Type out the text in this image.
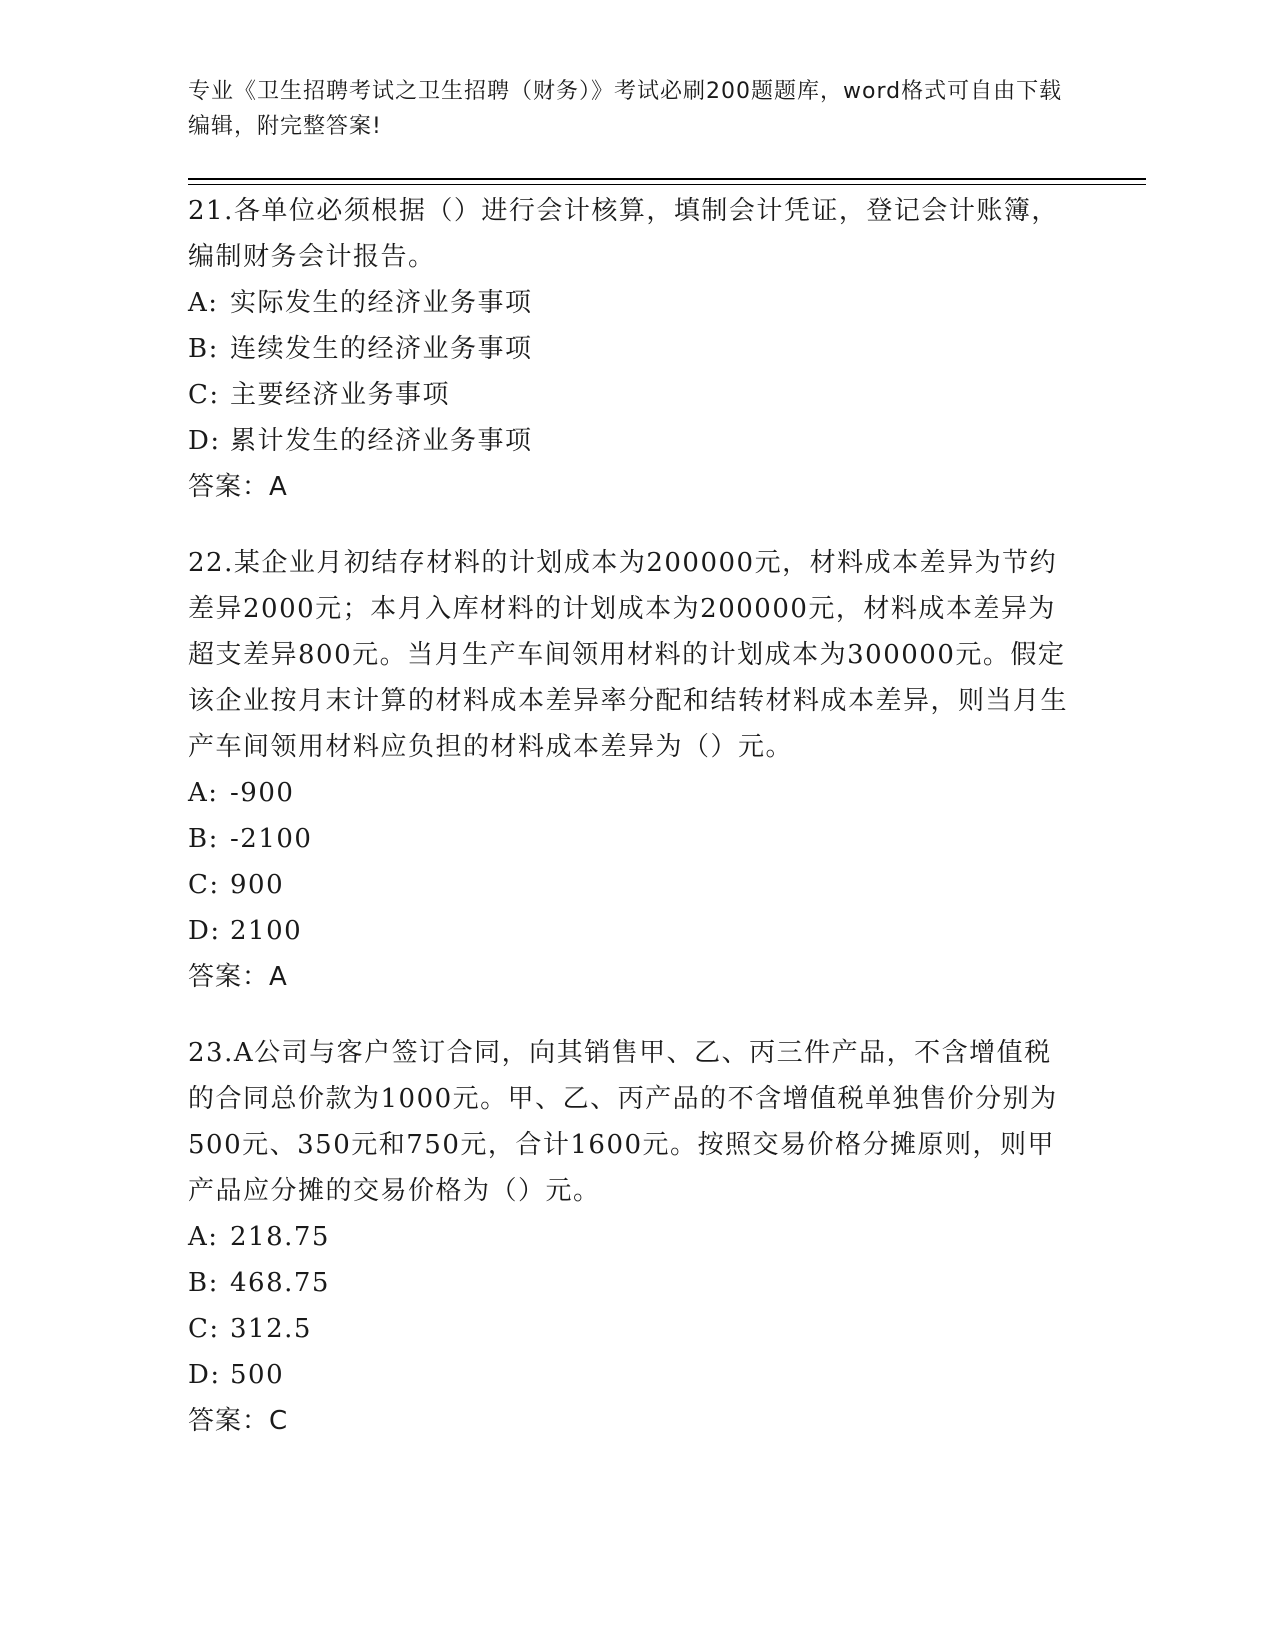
专业《卫生招聘考试之卫生招聘（财务）》考试必刷200题题库，word格式可自由下载编辑，附完整答案!

21.各单位必须根据（）进行会计核算，填制会计凭证，登记会计账簿，编制财务会计报告。

A: 实际发生的经济业务事项

B: 连续发生的经济业务事项

C: 主要经济业务事项

D: 累计发生的经济业务事项

答案：A

22.某企业月初结存材料的计划成本为200000元，材料成本差异为节约差异2000元；本月入库材料的计划成本为200000元，材料成本差异为超支差异800元。当月生产车间领用材料的计划成本为300000元。假定该企业按月末计算的材料成本差异率分配和结转材料成本差异，则当月生产车间领用材料应负担的材料成本差异为（）元。

A: -900

B: -2100

C: 900

D: 2100

答案：A

23.A公司与客户签订合同，向其销售甲、乙、丙三件产品，不含增值税的合同总价款为1000元。甲、乙、丙产品的不含增值税单独售价分别为500元、350元和750元，合计1600元。按照交易价格分摊原则，则甲产品应分摊的交易价格为（）元。

A: 218.75

B: 468.75

C: 312.5

D: 500

答案：C
